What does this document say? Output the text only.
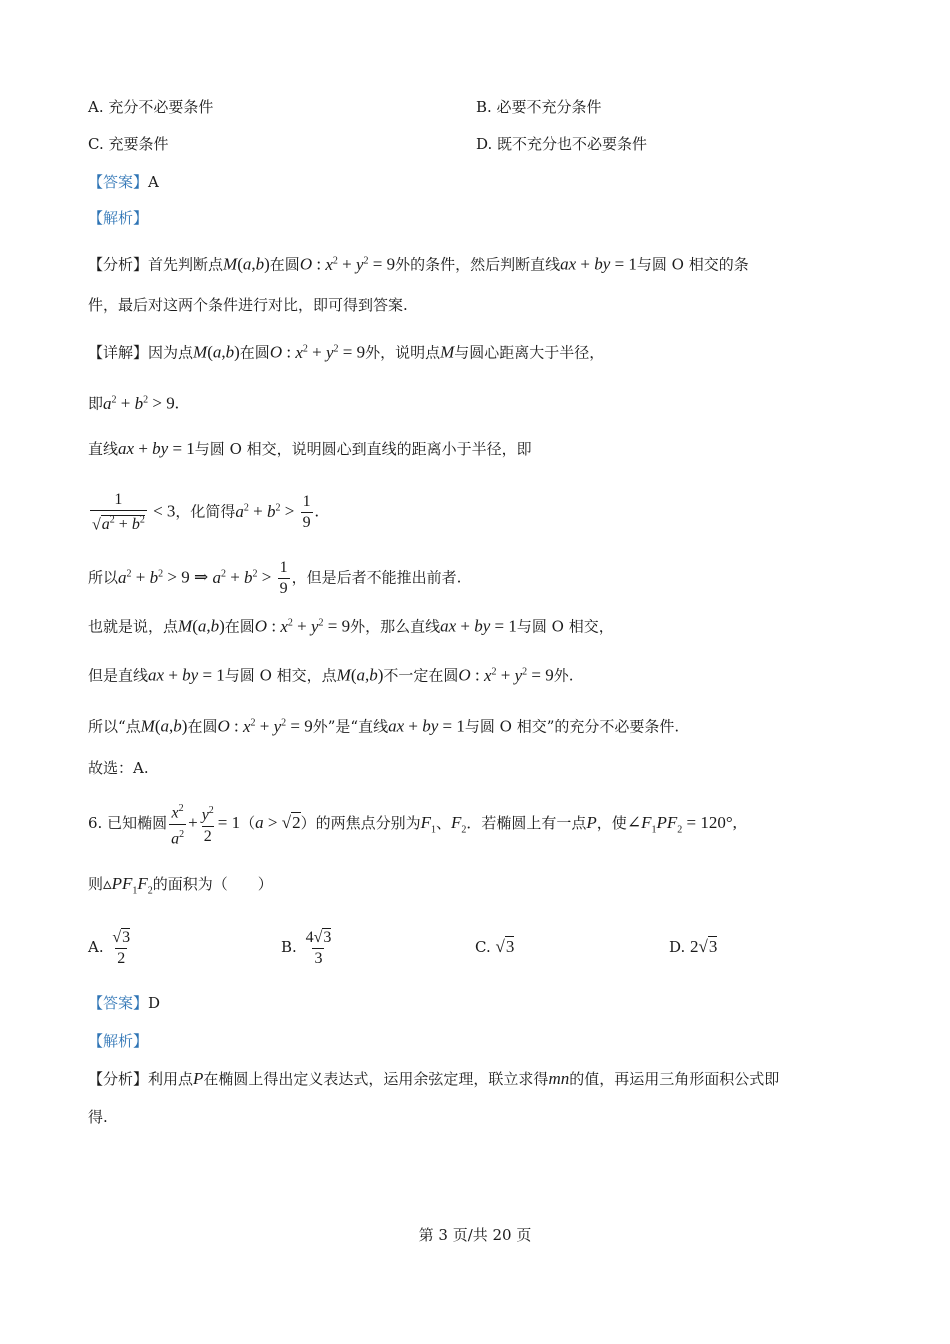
A. 充分不必要条件	B. 必要不充分条件
C. 充要条件	D. 既不充分也不必要条件
【答案】A
【解析】
【分析】首先判断点M(a,b)在圆O : $x^2 + y^2 = 9$外的条件，然后判断直线ax + by = 1与圆 O 相交的条
件，最后对这两个条件进行对比，即可得到答案.
【详解】因为点M(a,b)在圆O : $x^2 + y^2 = 9$外，说明点M与圆心距离大于半径，
即$a^2 + b^2 > 9$.
直线ax + by = 1与圆 O 相交，说明圆心到直线的距离小于半径，即
$\frac{1}{√a^2 + b^2} < 3$，化简得$a^2 + b^2 > \frac{1}{9}$ .
所以$a^2 + b^2 > 9$ ⇒ $a^2 + b^2 > \frac{1}{9}$ ，但是后者不能推出前者.
也就是说，点M(a,b)在圆O : $x^2 + y^2 = 9$外，那么直线ax + by = 1与圆 O 相交，
但是直线ax + by = 1与圆 O 相交，点M(a,b)不一定在圆O : $x^2 + y^2 = 9$外.
所以“点M(a,b)在圆O : $x^2 + y^2 = 9$外”是“直线ax + by = 1与圆 O 相交”的充分不必要条件.
故选：A.
6. 已知椭圆 $\frac{x^2}{a^2} + \frac{y^2}{2} = 1(a > √2)$的两焦点分别为$F_1$、$F_2$．若椭圆上有一点P，使$\angle F_1PF_2 = 120^\circ$,
则$▵PF_1F_2$的面积为（　　）
A. $\frac{√3}{2}$	B. $\frac{4√3}{3}$	C. √3	D. 2√3
【答案】D
【解析】
【分析】利用点P在椭圆上得出定义表达式，运用余弦定理，联立求得mn的值，再运用三角形面积公式即
得.
第 3 页/共 20 页
